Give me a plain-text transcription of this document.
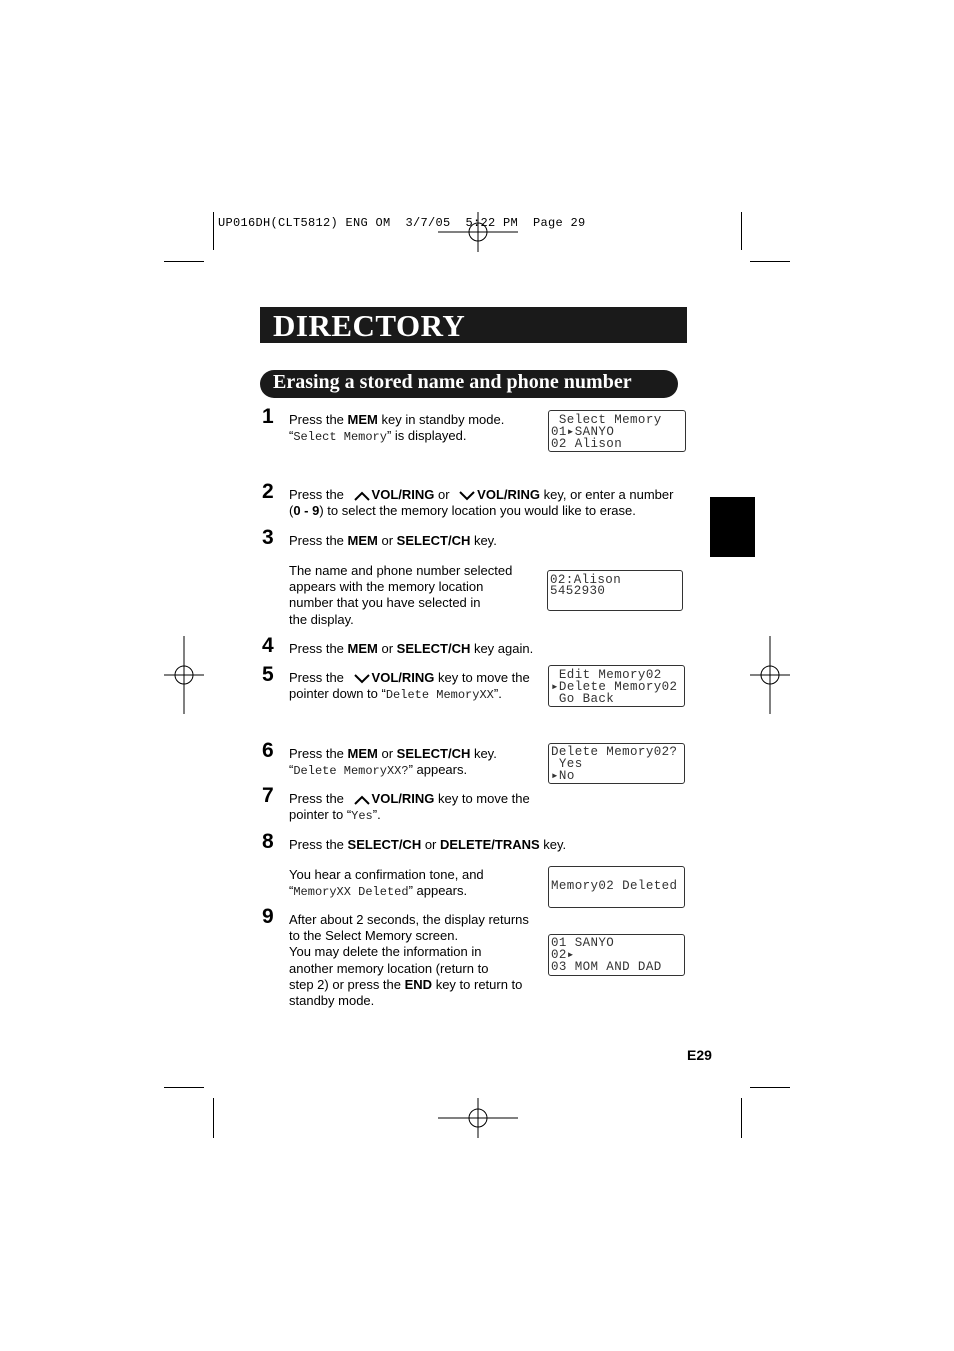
UP016DH(CLT5812) ENG OM  3/7/05  5:22 PM  Page 29
DIRECTORY
Erasing a stored name and phone number
1 Press the MEM key in standby mode.
“Select Memory” is displayed.
Select Memory
01▸SANYO
02 Alison
2 Press the VOL/RING or VOL/RING key, or enter a number
(0 - 9) to select the memory location you would like to erase.
3 Press the MEM or SELECT/CH key.
The name and phone number selected
appears with the memory location
number that you have selected in
the display.
02:Alison
5452930
4 Press the MEM or SELECT/CH key again.
5 Press the VOL/RING key to move the
pointer down to “Delete MemoryXX”.
Edit Memory02
▸Delete Memory02
Go Back
6 Press the MEM or SELECT/CH key.
“Delete MemoryXX?” appears.
Delete Memory02?
Yes
▸No
7 Press the VOL/RING key to move the
pointer to “Yes”.
8 Press the SELECT/CH or DELETE/TRANS key.
You hear a confirmation tone, and
“MemoryXX Deleted” appears.	Memory02 Deleted
9 After about 2 seconds, the display returns
to the Select Memory screen.
You may delete the information in
another memory location (return to
step 2) or press the END key to return to
standby mode.
01 SANYO
02▸
03 MOM AND DAD
E29
